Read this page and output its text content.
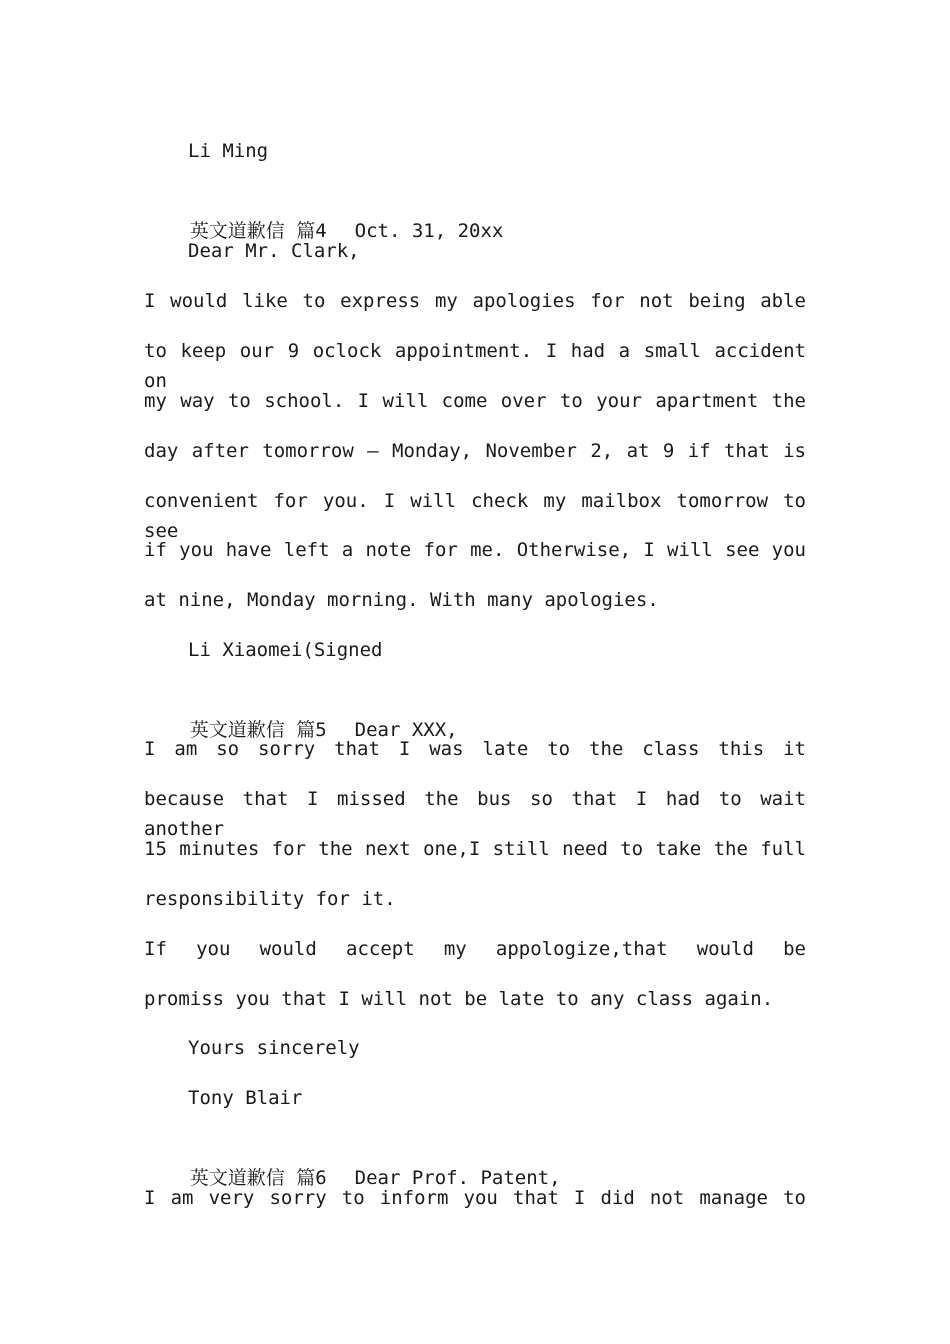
Li Ming

英文道歉信 篇4 Oct. 31, 20xx

Dear Mr. Clark,
I would like to express my apologies for not being able
to keep our 9 oclock appointment. I had a small accident on
my way to school. I will come over to your apartment the
day after tomorrow — Monday, November 2, at 9 if that is
convenient for you. I will check my mailbox tomorrow to see
if you have left a note for me. Otherwise, I will see you
at nine, Monday morning. With many apologies.
Li Xiaomei(Signed

英文道歉信 篇5 Dear XXX,

I am so sorry that I was late to the class this it
because that I missed the bus so that I had to wait another
15 minutes for the next one,I still need to take the full
responsibility for it.
If you would accept my appologize,that would be
promiss you that I will not be late to any class again.
Yours sincerely
Tony Blair

英文道歉信 篇6 Dear Prof. Patent,

I am very sorry to inform you that I did not manage to
